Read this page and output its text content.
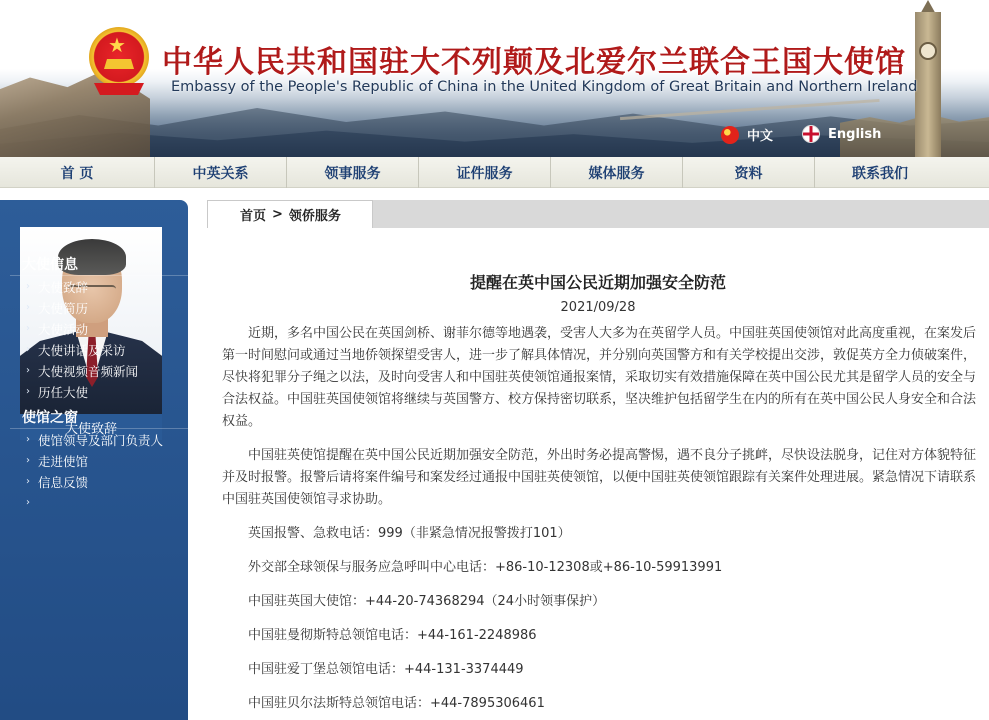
★ 中华人民共和国驻大不列颠及北爱尔兰联合王国大使馆
Embassy of the People's Republic of China in the United Kingdom of Great Britain and Northern Ireland
中文	English
首 页	中英关系	领事服务	证件服务	媒体服务	资料	联系我们
大使致辞
大使信息
› 大使致辞
› 大使简历
› 大使活动
› 大使讲话及采访
› 大使视频音频新闻
› 历任大使
使馆之窗
› 使馆领导及部门负责人
› 走进使馆
› 信息反馈
›
首页 > 领侨服务
提醒在英中国公民近期加强安全防范
2021/09/28

近期，多名中国公民在英国剑桥、谢菲尔德等地遇袭，受害人大多为在英留学人员。中国驻英国使领馆对此高度重视，在案发后第一时间慰问或通过当地侨领探望受害人，进一步了解具体情况，并分别向英国警方和有关学校提出交涉，敦促英方全力侦破案件，尽快将犯罪分子绳之以法，及时向受害人和中国驻英使领馆通报案情，采取切实有效措施保障在英中国公民尤其是留学人员的安全与合法权益。中国驻英国使领馆将继续与英国警方、校方保持密切联系，坚决维护包括留学生在内的所有在英中国公民人身安全和合法权益。

中国驻英使馆提醒在英中国公民近期加强安全防范，外出时务必提高警惕，遇不良分子挑衅，尽快设法脱身，记住对方体貌特征并及时报警。报警后请将案件编号和案发经过通报中国驻英使领馆，以便中国驻英使领馆跟踪有关案件处理进展。紧急情况下请联系中国驻英国使领馆寻求协助。

英国报警、急救电话：999（非紧急情况报警拨打101）

外交部全球领保与服务应急呼叫中心电话：+86-10-12308或+86-10-59913991

中国驻英国大使馆：+44-20-74368294（24小时领事保护）

中国驻曼彻斯特总领馆电话：+44-161-2248986

中国驻爱丁堡总领馆电话：+44-131-3374449

中国驻贝尔法斯特总领馆电话：+44-7895306461
